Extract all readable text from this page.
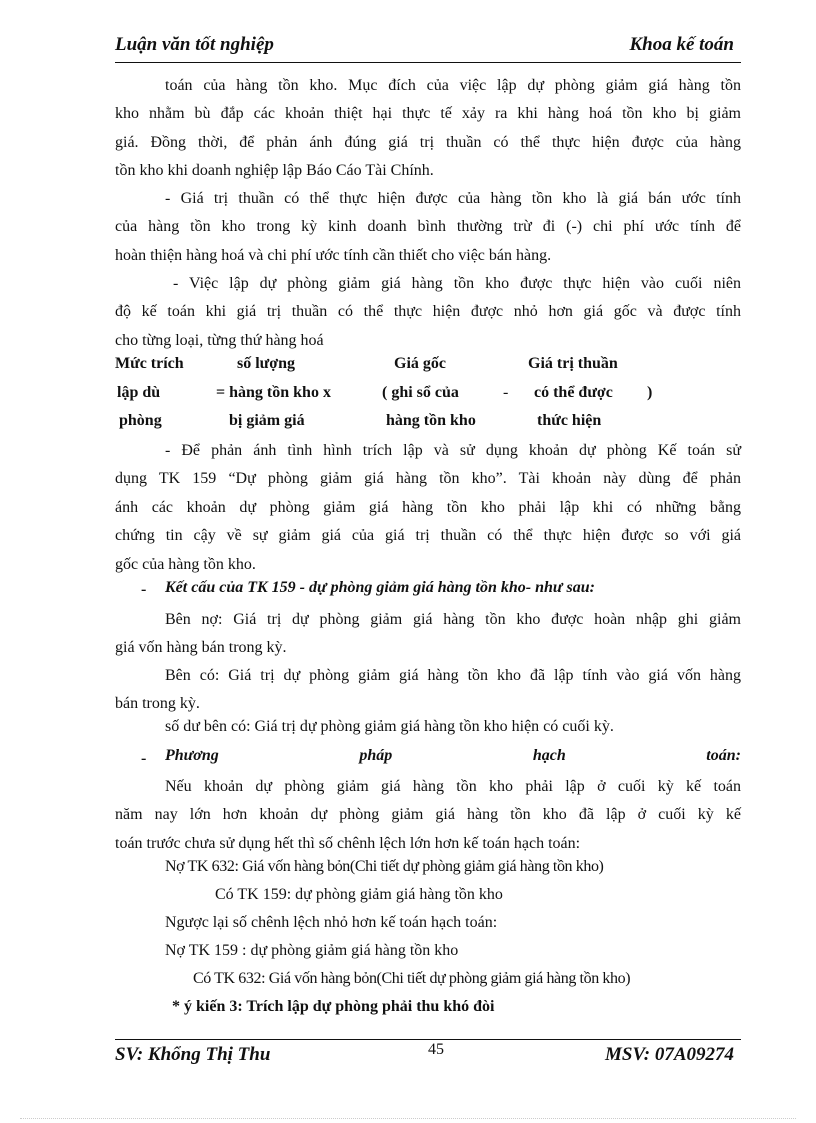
Luận văn tốt nghiệp	Khoa kế toán
toán của hàng tồn kho. Mục đích của việc lập dự phòng giảm giá hàng tồn
kho nhằm bù đắp các khoản thiệt hại thực tế xảy ra khi hàng hoá tồn kho bị giảm
giá. Đồng thời, để phản ánh đúng giá trị thuần có thể thực hiện được của hàng
tồn kho khi doanh nghiệp lập Báo Cáo Tài Chính.
- Giá trị thuần có thể thực hiện được của hàng tồn kho là giá bán ước tính
của hàng tồn kho trong kỳ kinh doanh bình thường trừ đi (-) chi phí ước tính để
hoàn thiện hàng hoá và chi phí ước tính cần thiết cho việc bán hàng.
- Việc lập dự phòng giảm giá hàng tồn kho được thực hiện vào cuối niên
độ kế toán khi giá trị thuần có thể thực hiện được nhỏ hơn giá gốc và được tính
cho từng loại, từng thứ hàng hoá
Mức trích	số lượng	Giá gốc	Giá trị thuần
lập dù	= hàng tồn kho x	( ghi sổ của	- có thể được )
phòng	bị giảm giá	hàng tồn kho	thức hiện
- Để phản ánh tình hình trích lập và sử dụng khoản dự phòng Kế toán sử
dụng TK 159 “Dự phòng giảm giá hàng tồn kho”. Tài khoản này dùng để phản
ánh các khoản dự phòng giảm giá hàng tồn kho phải lập khi có những bằng
chứng tin cậy về sự giảm giá của giá trị thuần có thể thực hiện được so với giá
gốc của hàng tồn kho.
- Kết cấu của TK 159 - dự phòng giảm giá hàng tồn kho- như sau:
Bên nợ: Giá trị dự phòng giảm giá hàng tồn kho được hoàn nhập ghi giảm
giá vốn hàng bán trong kỳ.
Bên có: Giá trị dự phòng giảm giá hàng tồn kho đã lập tính vào giá vốn hàng
bán trong kỳ.
số dư bên có: Giá trị dự phòng giảm giá hàng tồn kho hiện có cuối kỳ.
- Phương	pháp	hạch	toán:
Nếu khoản dự phòng giảm giá hàng tồn kho phải lập ở cuối kỳ kế toán
năm nay lớn hơn khoản dự phòng giảm giá hàng tồn kho đã lập ở cuối kỳ kế
toán trước chưa sử dụng hết thì số chênh lệch lớn hơn kế toán hạch toán:
Nợ TK 632: Giá vốn hàng bỏn(Chi tiết dự phòng giảm giá hàng tồn kho)
Có TK 159: dự phòng giảm giá hàng tồn kho
Ngược lại số chênh lệch nhỏ hơn kế toán hạch toán:
Nợ TK 159 : dự phòng giảm giá hàng tồn kho
Có TK 632: Giá vốn hàng bỏn(Chi tiết dự phòng giảm giá hàng tồn kho)
* ý kiến 3: Trích lập dự phòng phải thu khó đòi
SV: Khổng Thị Thu	45	MSV: 07A09274
